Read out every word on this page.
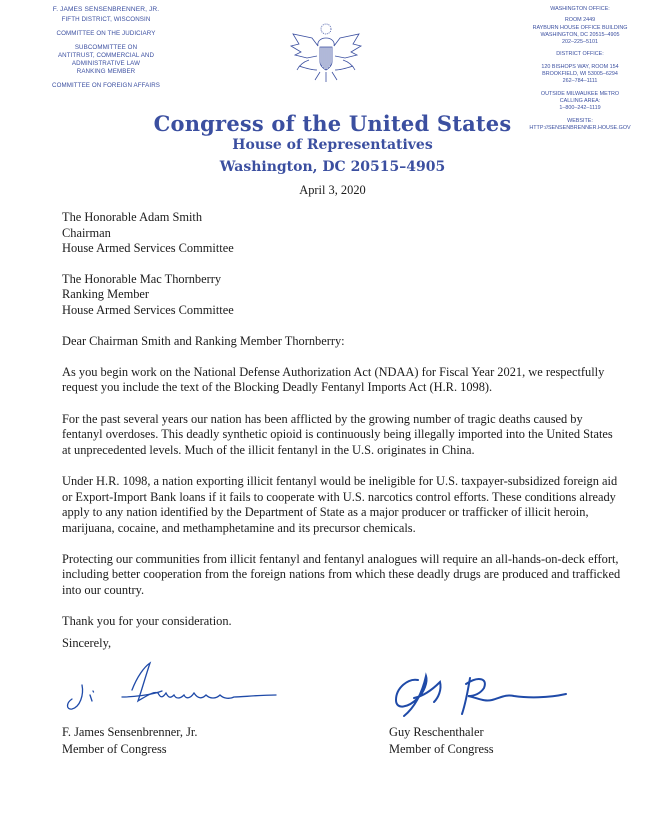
F. JAMES SENSENBRENNER, JR.
FIFTH DISTRICT, WISCONSIN
COMMITTEE ON THE JUDICIARY
SUBCOMMITTEE ON
ANTITRUST, COMMERCIAL AND
ADMINISTRATIVE LAW
RANKING MEMBER
COMMITTEE ON FOREIGN AFFAIRS
WASHINGTON OFFICE:
ROOM 2449
RAYBURN HOUSE OFFICE BUILDING
WASHINGTON, DC 20515–4905
202–225–5101
DISTRICT OFFICE:
120 BISHOPS WAY, ROOM 154
BROOKFIELD, WI 53005–6294
262–784–1111
OUTSIDE MILWAUKEE METRO
CALLING AREA:
1–800–242–1119
WEBSITE:
HTTP://SENSENBRENNER.HOUSE.GOV
Congress of the United States
House of Representatives
Washington, DC 20515–4905
April 3, 2020
The Honorable Adam Smith
Chairman
House Armed Services Committee
The Honorable Mac Thornberry
Ranking Member
House Armed Services Committee

Dear Chairman Smith and Ranking Member Thornberry:

As you begin work on the National Defense Authorization Act (NDAA) for Fiscal Year 2021, we respectfully request you include the text of the Blocking Deadly Fentanyl Imports Act (H.R. 1098).

For the past several years our nation has been afflicted by the growing number of tragic deaths caused by fentanyl overdoses. This deadly synthetic opioid is continuously being illegally imported into the United States at unprecedented levels. Much of the illicit fentanyl in the U.S. originates in China.

Under H.R. 1098, a nation exporting illicit fentanyl would be ineligible for U.S. taxpayer-subsidized foreign aid or Export-Import Bank loans if it fails to cooperate with U.S. narcotics control efforts. These conditions already apply to any nation identified by the Department of State as a major producer or trafficker of illicit heroin, marijuana, cocaine, and methamphetamine and its precursor chemicals.

Protecting our communities from illicit fentanyl and fentanyl analogues will require an all-hands-on-deck effort, including better cooperation from the foreign nations from which these deadly drugs are produced and trafficked into our country.

Thank you for your consideration.

Sincerely,

F. James Sensenbrenner, Jr.
Member of Congress
Guy Reschenthaler
Member of Congress
